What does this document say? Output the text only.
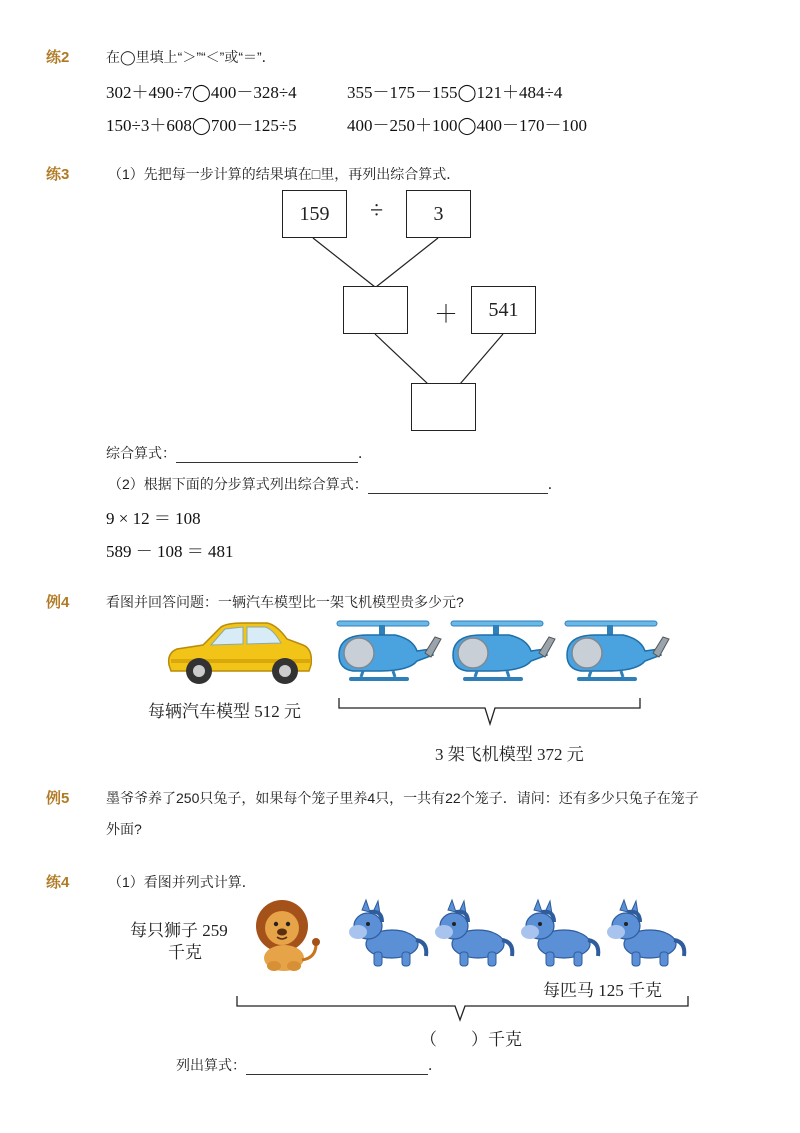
练2	在◯里填上“＞”“＜”或“＝”．
302＋490÷7◯400－328÷4	355－175－155◯121＋484÷4
150÷3＋608◯700－125÷5	400－250＋100◯400－170－100
练3	（1）先把每一步计算的结果填在□里，再列出综合算式．
159	÷	3
＋	541
综合算式：	．
（2）根据下面的分步算式列出综合算式：	．
9 × 12 ＝ 108
589 － 108 ＝ 481
例4	看图并回答问题：一辆汽车模型比一架飞机模型贵多少元?
每辆汽车模型 512 元
3 架飞机模型 372 元
例5	墨爷爷养了250只兔子，如果每个笼子里养4只，一共有22个笼子．请问：还有多少只兔子在笼子
外面?
练4	（1）看图并列式计算．
每只狮子 259
千克
每匹马 125 千克
（　　）千克
列出算式：	．
